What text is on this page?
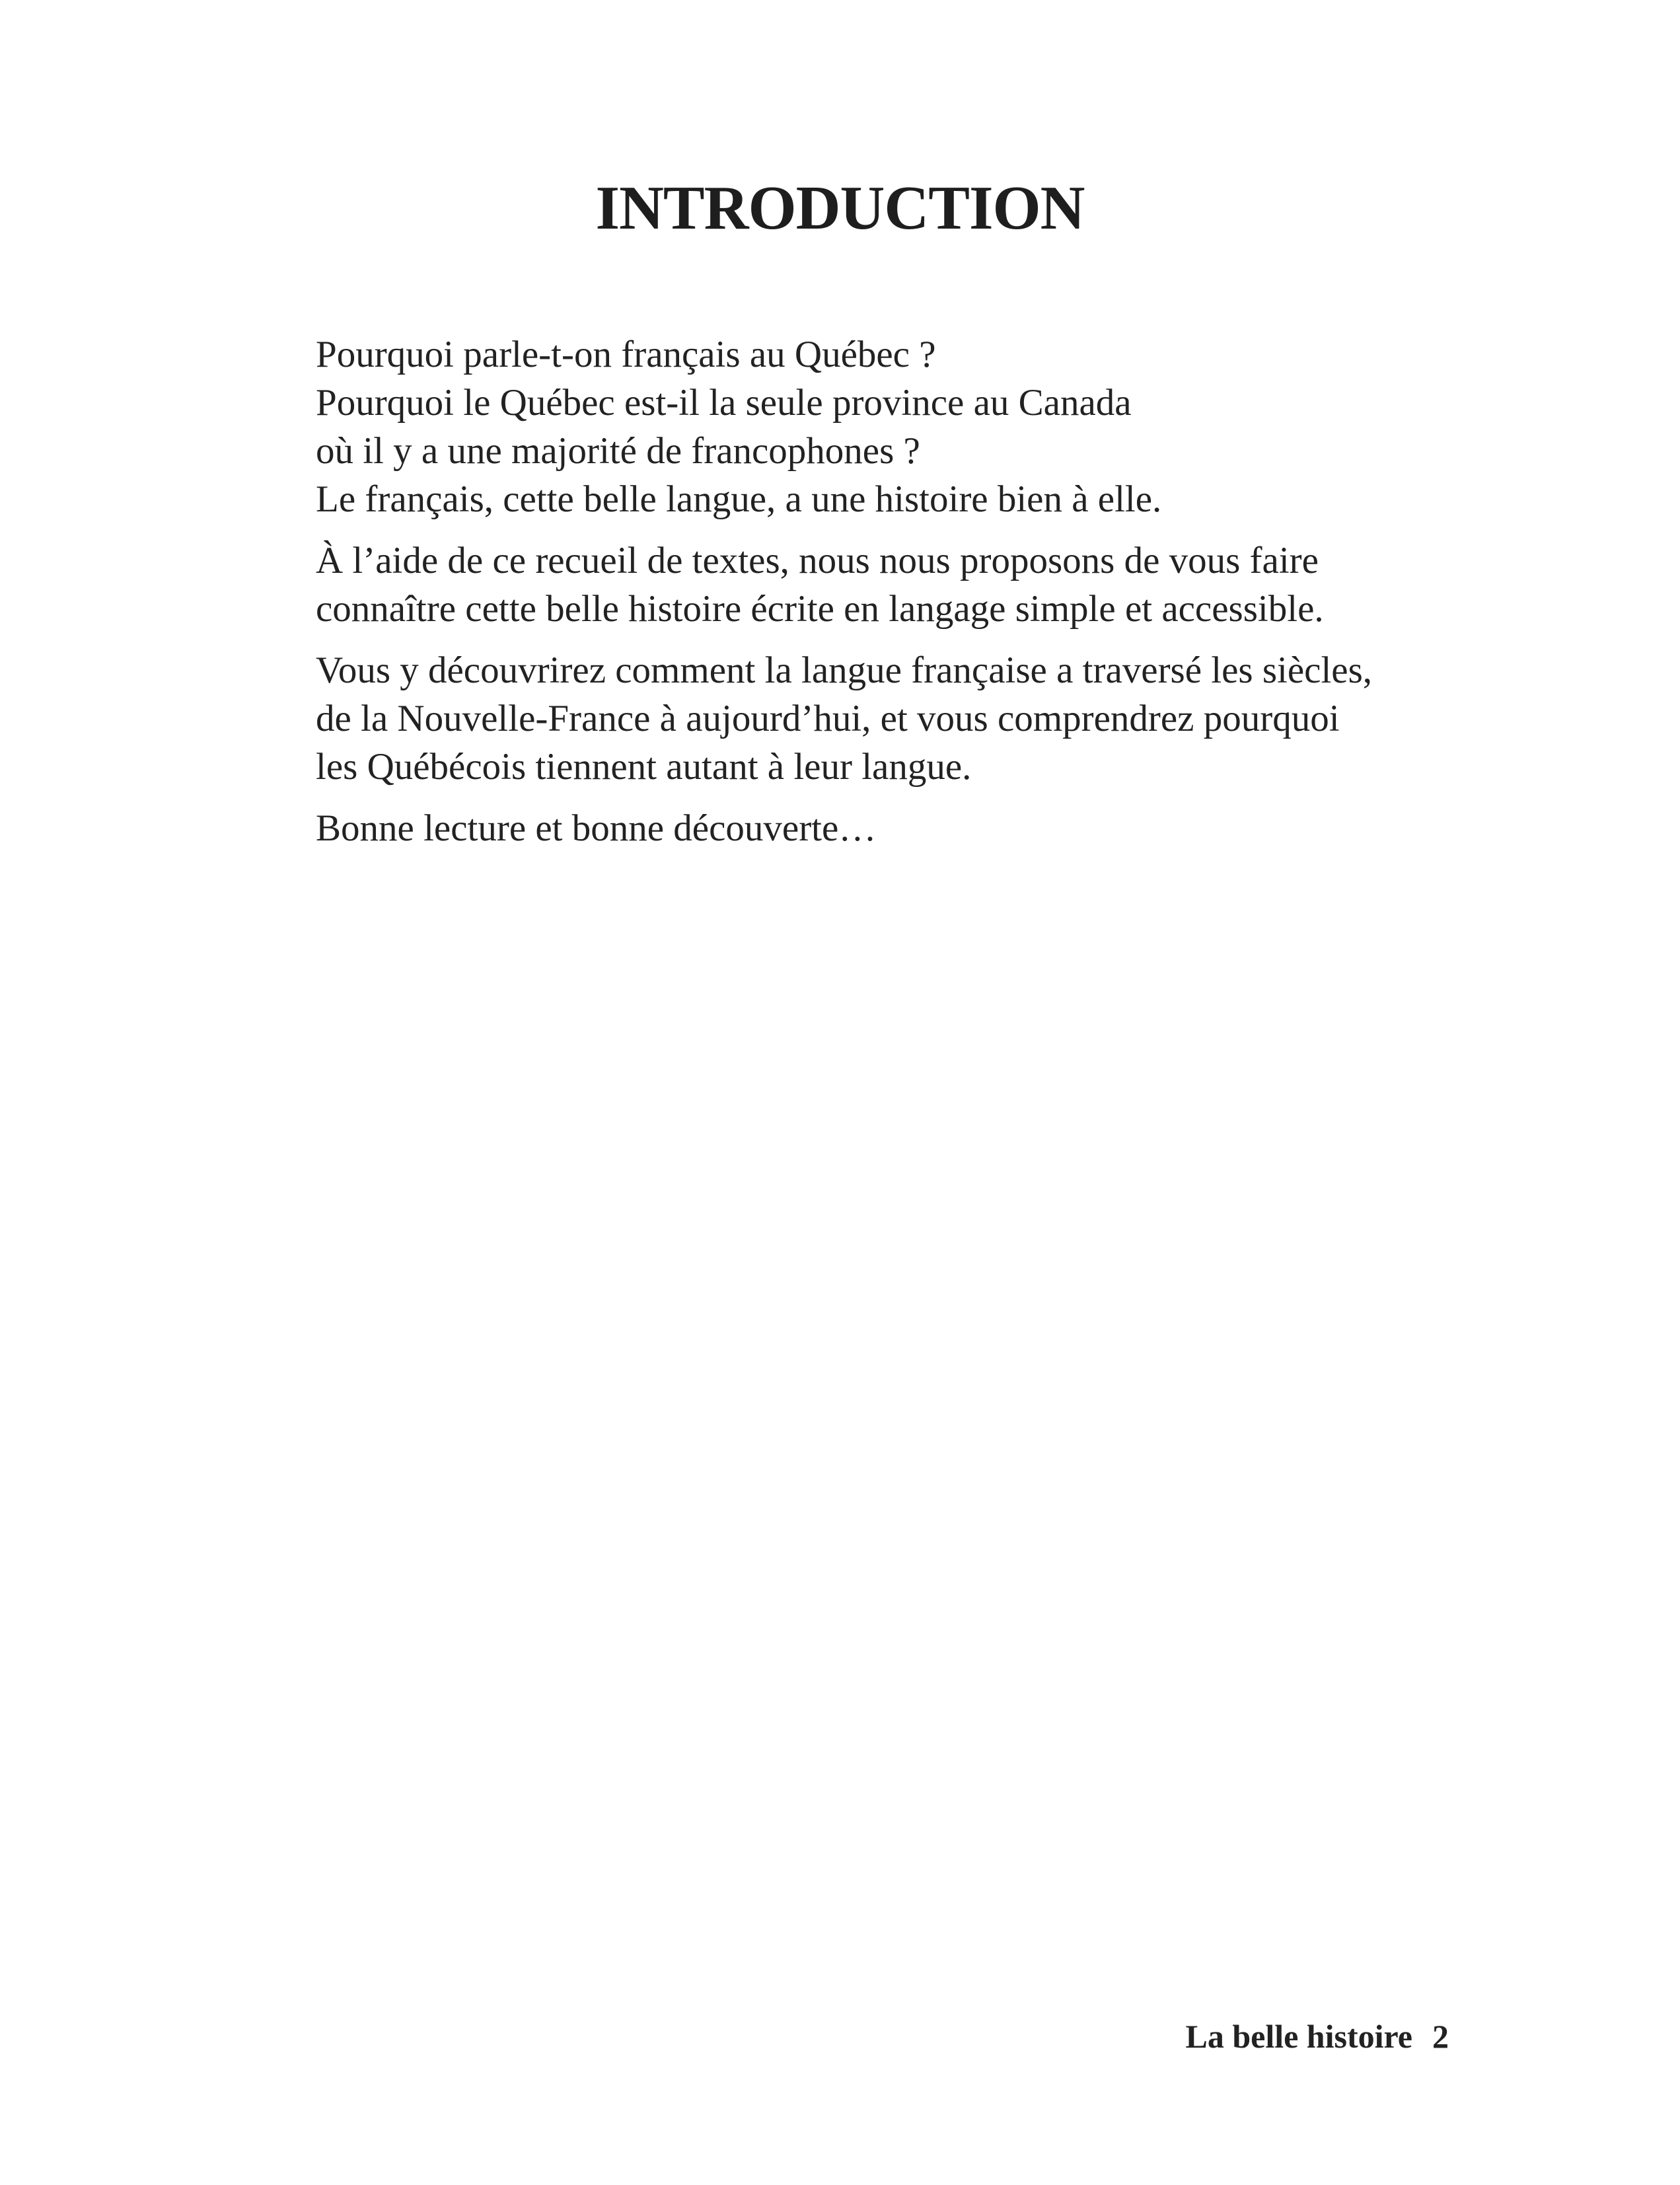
INTRODUCTION

Pourquoi parle-t-on français au Québec ?
Pourquoi le Québec est-il la seule province au Canada
où il y a une majorité de francophones ?
Le français, cette belle langue, a une histoire bien à elle.

À l’aide de ce recueil de textes, nous nous proposons de vous faire
connaître cette belle histoire écrite en langage simple et accessible.

Vous y découvrirez comment la langue française a traversé les siècles,
de la Nouvelle-France à aujourd’hui, et vous comprendrez pourquoi
les Québécois tiennent autant à leur langue.

Bonne lecture et bonne découverte…

La belle histoire 2
